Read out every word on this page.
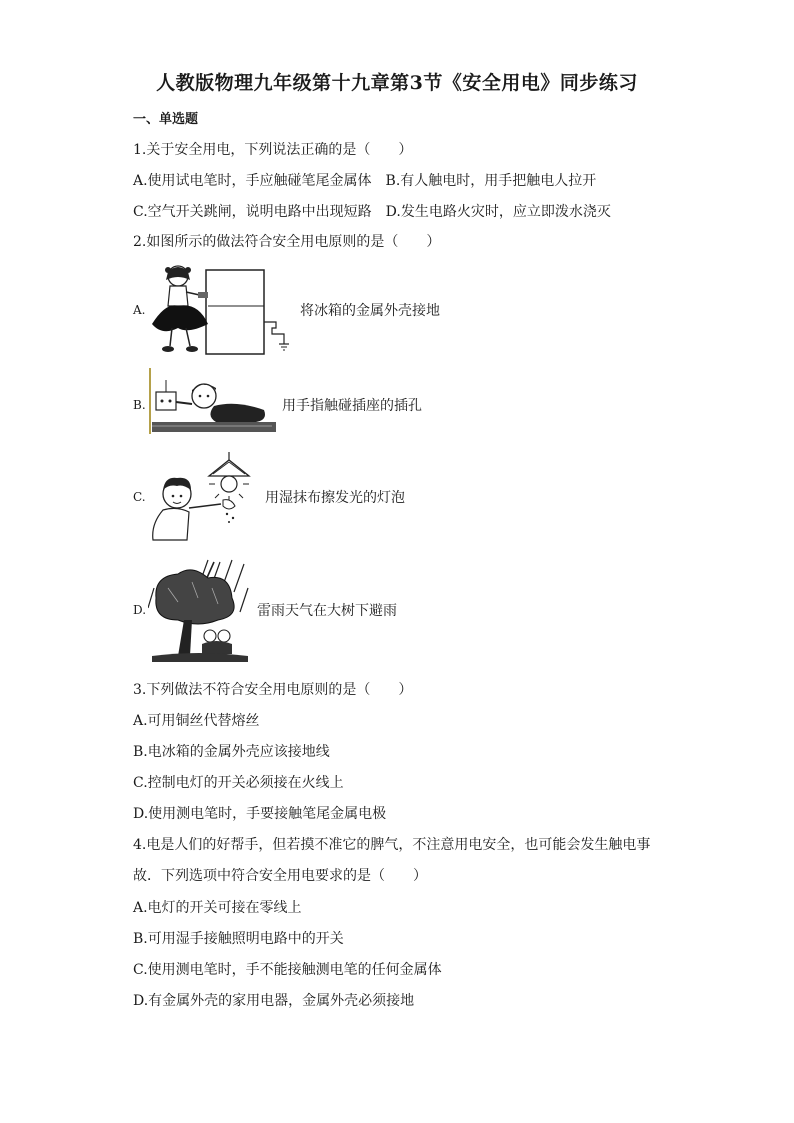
人教版物理九年级第十九章第3节《安全用电》同步练习
一、单选题
1.关于安全用电，下列说法正确的是（　　）
A.使用试电笔时，手应触碰笔尾金属体　B.有人触电时，用手把触电人拉开
C.空气开关跳闸，说明电路中出现短路　D.发生电路火灾时，应立即泼水浇灭
2.如图所示的做法符合安全用电原则的是（　　）
A.	将冰箱的金属外壳接地
B.	用手指触碰插座的插孔
C.	用湿抹布擦发光的灯泡
D.	雷雨天气在大树下避雨
3.下列做法不符合安全用电原则的是（　　）
A.可用铜丝代替熔丝
B.电冰箱的金属外壳应该接地线
C.控制电灯的开关必须接在火线上
D.使用测电笔时，手要接触笔尾金属电极
4.电是人们的好帮手，但若摸不准它的脾气，不注意用电安全，也可能会发生触电事
故．下列选项中符合安全用电要求的是（　　）
A.电灯的开关可接在零线上
B.可用湿手接触照明电路中的开关
C.使用测电笔时，手不能接触测电笔的任何金属体
D.有金属外壳的家用电器，金属外壳必须接地
